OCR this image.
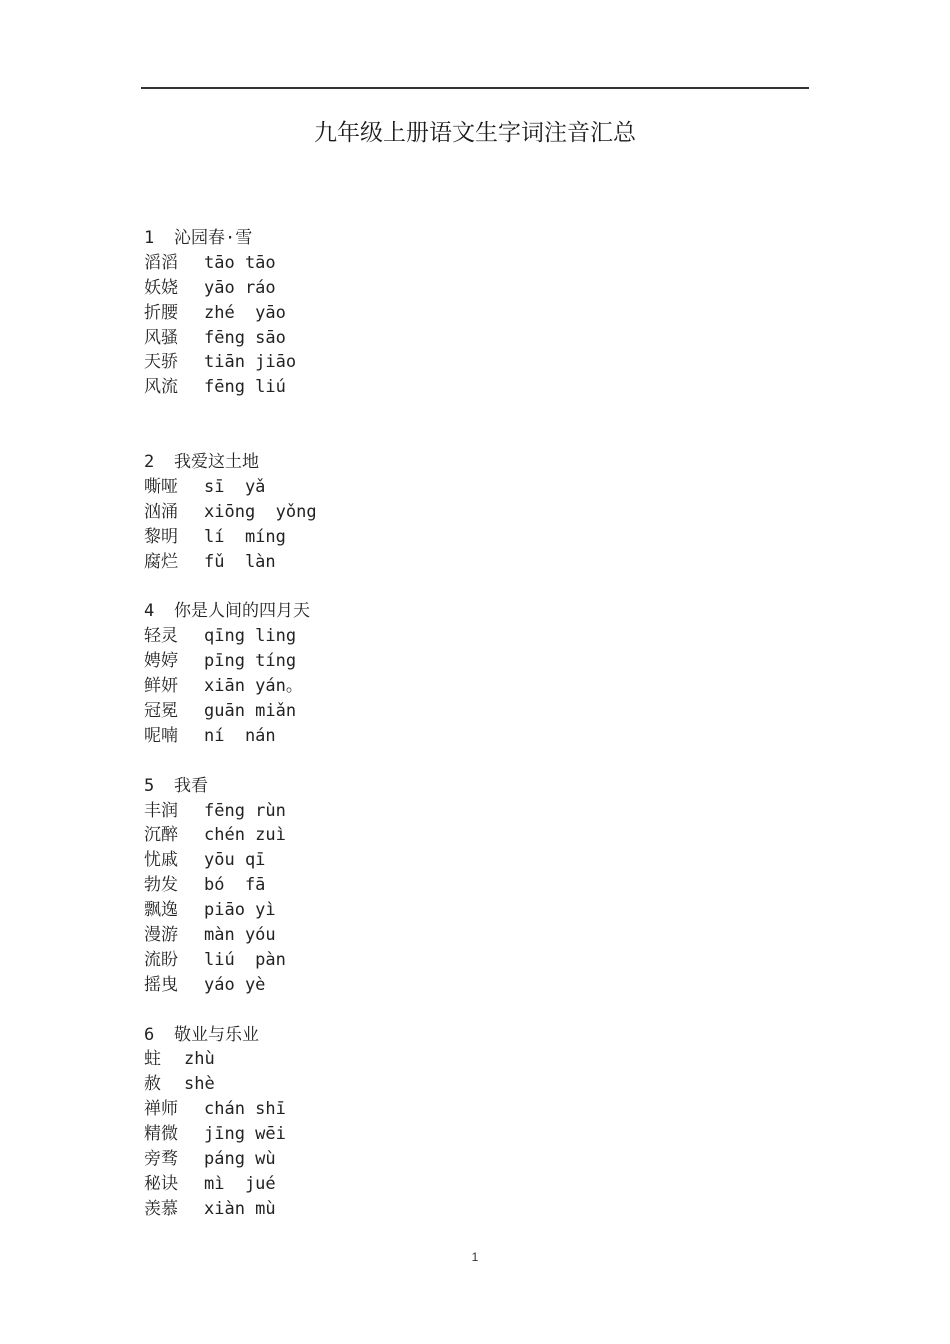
九年级上册语文生字词注音汇总
1 沁园春·雪
滔滔 tāo tāo
妖娆 yāo ráo
折腰 zhé  yāo
风骚 fēng sāo
天骄 tiān jiāo
风流 fēng liú
2 我爱这土地
嘶哑 sī  yǎ
汹涌 xiōng  yǒng
黎明 lí  míng
腐烂 fǔ  làn
4 你是人间的四月天
轻灵 qīng ling
娉婷 pīng tíng
鲜妍 xiān yán。
冠冕 guān miǎn
呢喃 ní  nán
5 我看
丰润 fēng rùn
沉醉 chén zuì
忧戚 yōu qī
勃发 bó  fā
飘逸 piāo yì
漫游 màn yóu
流盼 liú  pàn
摇曳 yáo yè
6 敬业与乐业
蛀 zhù
赦 shè
禅师 chán shī
精微 jīng wēi
旁骛 páng wù
秘诀 mì  jué
羡慕 xiàn mù
1
